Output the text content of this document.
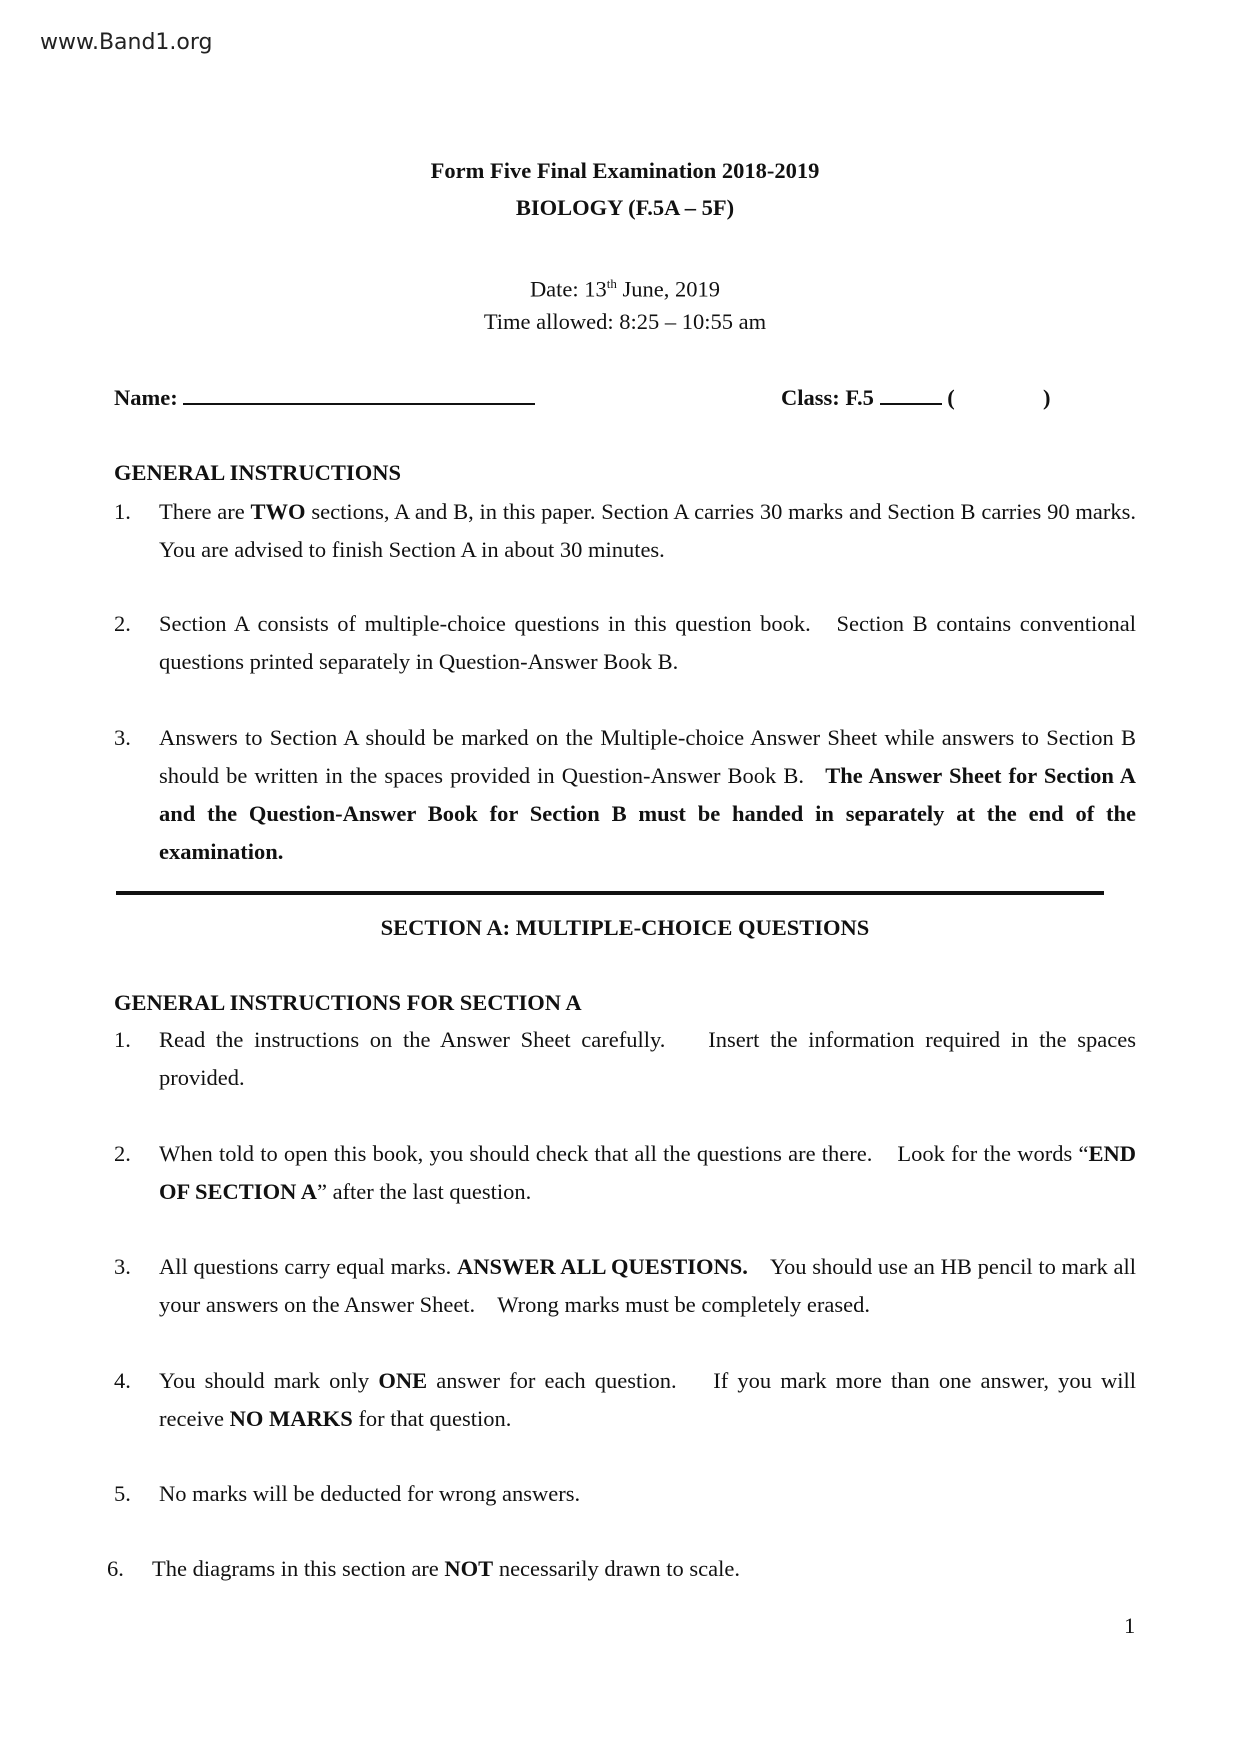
www.Band1.org
Form Five Final Examination 2018-2019
BIOLOGY (F.5A – 5F)
Date: 13th June, 2019
Time allowed: 8:25 – 10:55 am
Name:	Class: F.5	(	)
GENERAL INSTRUCTIONS
1. There are TWO sections, A and B, in this paper. Section A carries 30 marks and Section B carries 90 marks. You are advised to finish Section A in about 30 minutes.
2. Section A consists of multiple-choice questions in this question book.   Section B contains conventional questions printed separately in Question-Answer Book B.
3. Answers to Section A should be marked on the Multiple-choice Answer Sheet while answers to Section B should be written in the spaces provided in Question-Answer Book B.   The Answer Sheet for Section A and the Question-Answer Book for Section B must be handed in separately at the end of the examination.
SECTION A: MULTIPLE-CHOICE QUESTIONS
GENERAL INSTRUCTIONS FOR SECTION A
1. Read the instructions on the Answer Sheet carefully.    Insert the information required in the spaces provided.
2. When told to open this book, you should check that all the questions are there.    Look for the words “END OF SECTION A” after the last question.
3. All questions carry equal marks. ANSWER ALL QUESTIONS.    You should use an HB pencil to mark all your answers on the Answer Sheet.    Wrong marks must be completely erased.
4. You should mark only ONE answer for each question.    If you mark more than one answer, you will receive NO MARKS for that question.
5. No marks will be deducted for wrong answers.
6. The diagrams in this section are NOT necessarily drawn to scale.
1
